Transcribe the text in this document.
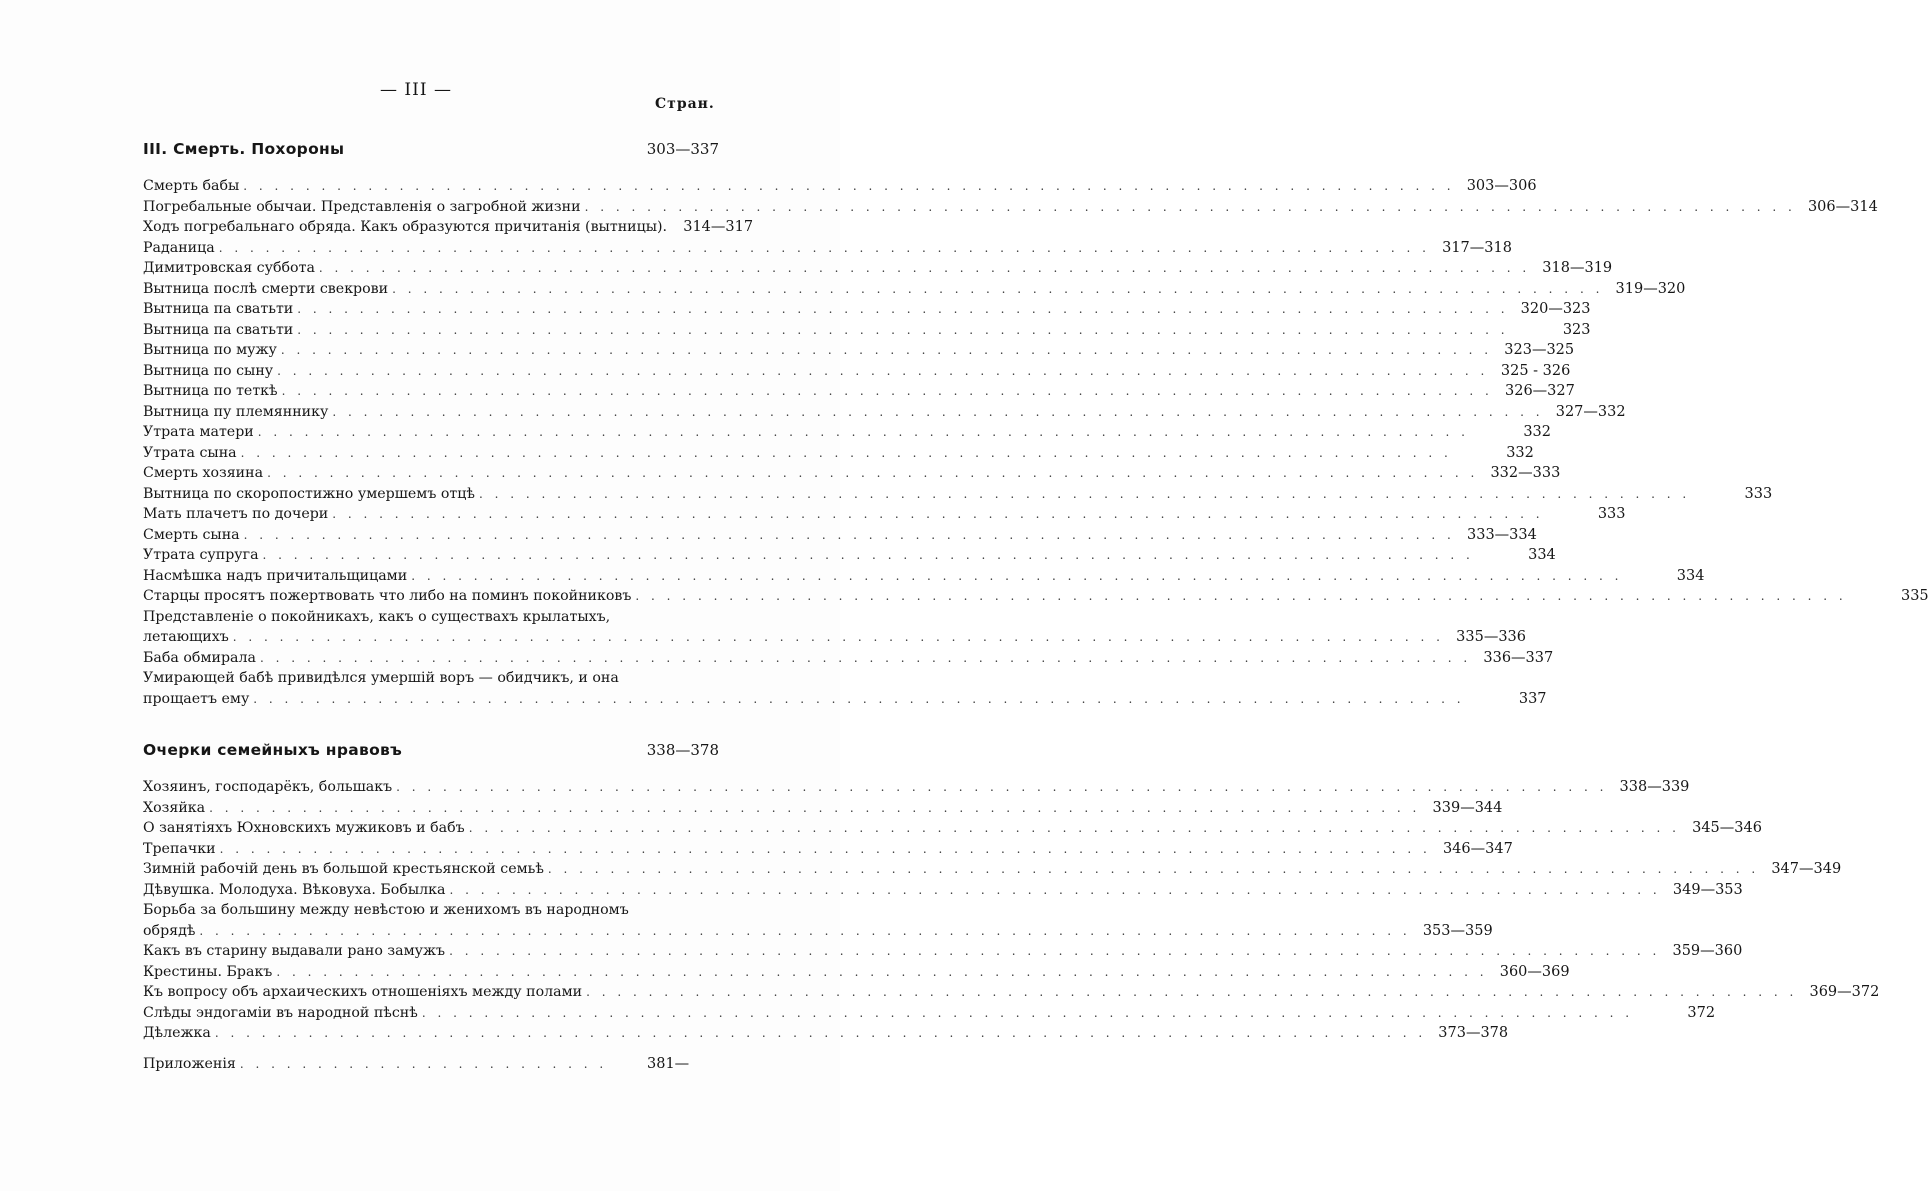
— III —
Стран.
III. Смерть. Похороны	303—337
Смерть бабы . . . . . . . . . . . . . . . . . . . . . . . . . . . . . . . . . . . . . . . . . . . . . . . . . . . . . . . . . . . . . . . . . . . . . . . . . . . . . . 303—306
Погребальные обычаи. Представленія о загробной жизни . . . . . . . . . . . . . . . . . . . . . . . . . . . . . . . . . . . . . . . . . . . . . . . . . . . . . . . . . . . . . . . . . . . . . . . . . . . . . . 306—314
Ходъ погребальнаго обряда. Какъ образуются причитанія (вытницы).	314—317
Раданица . . . . . . . . . . . . . . . . . . . . . . . . . . . . . . . . . . . . . . . . . . . . . . . . . . . . . . . . . . . . . . . . . . . . . . . . . . . . . . 317—318
Димитровская суббота . . . . . . . . . . . . . . . . . . . . . . . . . . . . . . . . . . . . . . . . . . . . . . . . . . . . . . . . . . . . . . . . . . . . . . . . . . . . . . 318—319
Вытница послѣ смерти свекрови . . . . . . . . . . . . . . . . . . . . . . . . . . . . . . . . . . . . . . . . . . . . . . . . . . . . . . . . . . . . . . . . . . . . . . . . . . . . . . 319—320
Вытница па сватьти . . . . . . . . . . . . . . . . . . . . . . . . . . . . . . . . . . . . . . . . . . . . . . . . . . . . . . . . . . . . . . . . . . . . . . . . . . . . . . 320—323
Вытница па сватьти . . . . . . . . . . . . . . . . . . . . . . . . . . . . . . . . . . . . . . . . . . . . . . . . . . . . . . . . . . . . . . . . . . . . . . . . . . . . . .	323
Вытница по мужу . . . . . . . . . . . . . . . . . . . . . . . . . . . . . . . . . . . . . . . . . . . . . . . . . . . . . . . . . . . . . . . . . . . . . . . . . . . . . . 323—325
Вытница по сыну . . . . . . . . . . . . . . . . . . . . . . . . . . . . . . . . . . . . . . . . . . . . . . . . . . . . . . . . . . . . . . . . . . . . . . . . . . . . . . 325 - 326
Вытница по теткѣ . . . . . . . . . . . . . . . . . . . . . . . . . . . . . . . . . . . . . . . . . . . . . . . . . . . . . . . . . . . . . . . . . . . . . . . . . . . . . . 326—327
Вытница пу племяннику . . . . . . . . . . . . . . . . . . . . . . . . . . . . . . . . . . . . . . . . . . . . . . . . . . . . . . . . . . . . . . . . . . . . . . . . . . . . . . 327—332
Утрата матери . . . . . . . . . . . . . . . . . . . . . . . . . . . . . . . . . . . . . . . . . . . . . . . . . . . . . . . . . . . . . . . . . . . . . . . . . . . . . .	332
Утрата сына . . . . . . . . . . . . . . . . . . . . . . . . . . . . . . . . . . . . . . . . . . . . . . . . . . . . . . . . . . . . . . . . . . . . . . . . . . . . . .	332
Смерть хозяина . . . . . . . . . . . . . . . . . . . . . . . . . . . . . . . . . . . . . . . . . . . . . . . . . . . . . . . . . . . . . . . . . . . . . . . . . . . . . . 332—333
Вытница по скоропостижно умершемъ отцѣ . . . . . . . . . . . . . . . . . . . . . . . . . . . . . . . . . . . . . . . . . . . . . . . . . . . . . . . . . . . . . . . . . . . . . . . . . . . . . .	333
Мать плачетъ по дочери . . . . . . . . . . . . . . . . . . . . . . . . . . . . . . . . . . . . . . . . . . . . . . . . . . . . . . . . . . . . . . . . . . . . . . . . . . . . . .	333
Смерть сына . . . . . . . . . . . . . . . . . . . . . . . . . . . . . . . . . . . . . . . . . . . . . . . . . . . . . . . . . . . . . . . . . . . . . . . . . . . . . . 333—334
Утрата супруга . . . . . . . . . . . . . . . . . . . . . . . . . . . . . . . . . . . . . . . . . . . . . . . . . . . . . . . . . . . . . . . . . . . . . . . . . . . . . .	334
Насмѣшка надъ причитальщицами . . . . . . . . . . . . . . . . . . . . . . . . . . . . . . . . . . . . . . . . . . . . . . . . . . . . . . . . . . . . . . . . . . . . . . . . . . . . . .	334
Старцы просятъ пожертвовать что либо на поминъ покойниковъ . . . . . . . . . . . . . . . . . . . . . . . . . . . . . . . . . . . . . . . . . . . . . . . . . . . . . . . . . . . . . . . . . . . . . . . . . . . . . .	335
Представленіе о покойникахъ, какъ о существахъ крылатыхъ,
летающихъ . . . . . . . . . . . . . . . . . . . . . . . . . . . . . . . . . . . . . . . . . . . . . . . . . . . . . . . . . . . . . . . . . . . . . . . . . . . . . . 335—336
Баба обмирала . . . . . . . . . . . . . . . . . . . . . . . . . . . . . . . . . . . . . . . . . . . . . . . . . . . . . . . . . . . . . . . . . . . . . . . . . . . . . . 336—337
Умирающей бабѣ привидѣлся умершій воръ — обидчикъ, и она
прощаетъ ему . . . . . . . . . . . . . . . . . . . . . . . . . . . . . . . . . . . . . . . . . . . . . . . . . . . . . . . . . . . . . . . . . . . . . . . . . . . . . .	337
Очерки семейныхъ нравовъ	338—378
Хозяинъ, господарёкъ, большакъ . . . . . . . . . . . . . . . . . . . . . . . . . . . . . . . . . . . . . . . . . . . . . . . . . . . . . . . . . . . . . . . . . . . . . . . . . . . . . . 338—339
Хозяйка . . . . . . . . . . . . . . . . . . . . . . . . . . . . . . . . . . . . . . . . . . . . . . . . . . . . . . . . . . . . . . . . . . . . . . . . . . . . . . 339—344
О занятіяхъ Юхновскихъ мужиковъ и бабъ . . . . . . . . . . . . . . . . . . . . . . . . . . . . . . . . . . . . . . . . . . . . . . . . . . . . . . . . . . . . . . . . . . . . . . . . . . . . . . 345—346
Трепачки . . . . . . . . . . . . . . . . . . . . . . . . . . . . . . . . . . . . . . . . . . . . . . . . . . . . . . . . . . . . . . . . . . . . . . . . . . . . . . 346—347
Зимній рабочій день въ большой крестьянской семьѣ . . . . . . . . . . . . . . . . . . . . . . . . . . . . . . . . . . . . . . . . . . . . . . . . . . . . . . . . . . . . . . . . . . . . . . . . . . . . . . 347—349
Дѣвушка. Молодуха. Вѣковуха. Бобылка . . . . . . . . . . . . . . . . . . . . . . . . . . . . . . . . . . . . . . . . . . . . . . . . . . . . . . . . . . . . . . . . . . . . . . . . . . . . . . 349—353
Борьба за большину между невѣстою и женихомъ въ народномъ
обрядѣ . . . . . . . . . . . . . . . . . . . . . . . . . . . . . . . . . . . . . . . . . . . . . . . . . . . . . . . . . . . . . . . . . . . . . . . . . . . . . . 353—359
Какъ въ старину выдавали рано замужъ . . . . . . . . . . . . . . . . . . . . . . . . . . . . . . . . . . . . . . . . . . . . . . . . . . . . . . . . . . . . . . . . . . . . . . . . . . . . . . 359—360
Крестины. Бракъ . . . . . . . . . . . . . . . . . . . . . . . . . . . . . . . . . . . . . . . . . . . . . . . . . . . . . . . . . . . . . . . . . . . . . . . . . . . . . . 360—369
Къ вопросу объ архаическихъ отношеніяхъ между полами . . . . . . . . . . . . . . . . . . . . . . . . . . . . . . . . . . . . . . . . . . . . . . . . . . . . . . . . . . . . . . . . . . . . . . . . . . . . . . 369—372
Слѣды эндогаміи въ народной пѣснѣ . . . . . . . . . . . . . . . . . . . . . . . . . . . . . . . . . . . . . . . . . . . . . . . . . . . . . . . . . . . . . . . . . . . . . . . . . . . . . .	372
Дѣлежка . . . . . . . . . . . . . . . . . . . . . . . . . . . . . . . . . . . . . . . . . . . . . . . . . . . . . . . . . . . . . . . . . . . . . . . . . . . . . . 373—378
Приложенія . . . . . . . . . . . . . . . . . . . . . . . .	381—
